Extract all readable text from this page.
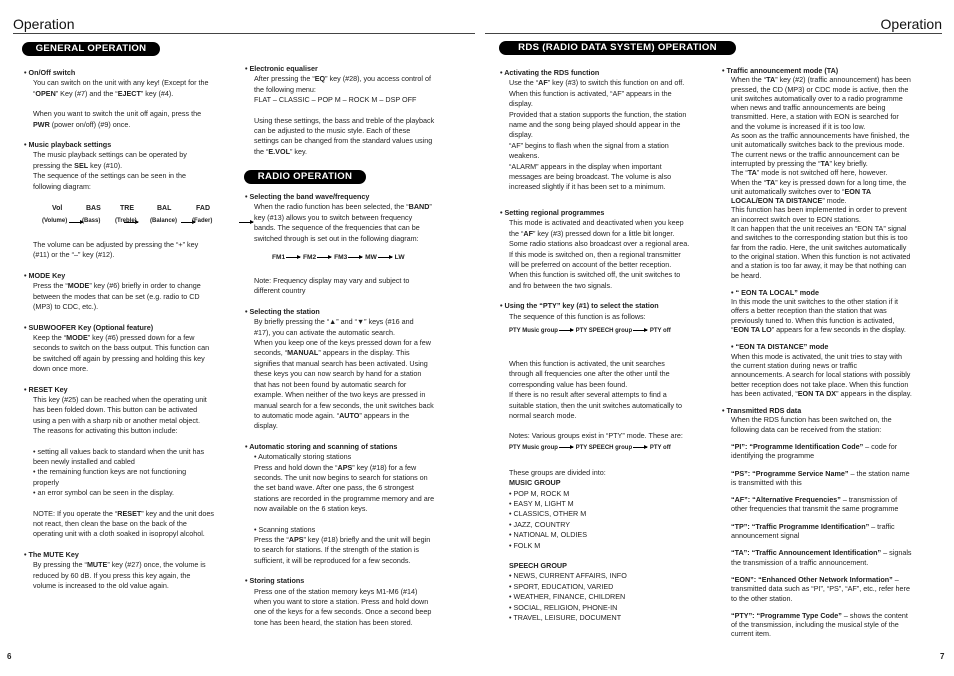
Operation	Operation
GENERAL OPERATION
RADIO OPERATION
RDS (RADIO DATA SYSTEM) OPERATION

• On/Off switch

You can switch on the unit with any key! (Except for the

“OPEN” Key (#7) and the “EJECT” key (#4).

When you want to switch the unit off again, press the

PWR (power on/off) (#9) once.

• Music playback settings

The music playback settings can be operated by

pressing the SEL key (#10).

The sequence of the settings can be seen in the

following diagram:

The volume can be adjusted by pressing the “+” key

(#11) or the “–” key (#12).

• MODE Key

Press the “MODE” key (#6) briefly in order to change

between the modes that can be set (e.g. radio to CD

(MP3) to CDC, etc.).

• SUBWOOFER Key (Optional feature)

Keep the “MODE” key (#6) pressed down for a few

seconds to switch on the bass output. This function can

be switched off again by pressing and holding this key

down once more.

• RESET Key

This key (#25) can be reached when the operating unit

has been folded down. This button can be activated

using a pen with a sharp nib or another metal object.

The reasons for activating this button include:

• setting all values back to standard when the unit has

been newly installed and cabled

• the remaining function keys are not functioning

properly

• an error symbol can be seen in the display.

NOTE: If you operate the “RESET” key and the unit does

not react, then clean the base on the back of the

operating unit with a cloth soaked in isopropyl alcohol.

• The MUTE Key

By pressing the “MUTE” key (#27) once, the volume is

reduced by 60 dB. If you press this key again, the

volume is increased to the old value again.

Vol	BAS	TRE	BAL	FAD

(Volume) (Bass) (Treble) (Balance) (Fader)

• Electronic equaliser

After pressing the “EQ” key (#28), you access control of

the following menu:

FLAT – CLASSIC – POP M – ROCK M – DSP OFF

Using these settings, the bass and treble of the playback

can be adjusted to the music style. Each of these

settings can be changed from the standard values using

the “E.VOL” key.

• Selecting the band wave/frequency

When the radio function has been selected, the “BAND”

key (#13) allows you to switch between frequency

bands. The sequence of the frequencies that can be

switched through is set out in the following diagram:

Note: Frequency display may vary and subject to

different country

• Selecting the station

By briefly pressing the “▲” and “▼” keys (#16 and

#17), you can activate the automatic search.

When you keep one of the keys pressed down for a few

seconds, “MANUAL” appears in the display. This

signifies that manual search has been activated. Using

these keys you can now search by hand for a station

that has not been found by automatic search for

example. When neither of the two keys are pressed in

manual search for a few seconds, the unit switches back

to automatic mode again. “AUTO” appears in the

display.

• Automatic storing and scanning of stations

• Automatically storing stations

Press and hold down the “APS” key (#18) for a few

seconds. The unit now begins to search for stations on

the set band wave. After one pass, the 6 strongest

stations are recorded in the programme memory and are

now available on the 6 station keys.

• Scanning stations

Press the “APS” key (#18) briefly and the unit will begin

to search for stations. If the strength of the station is

sufficient, it will be reproduced for a few seconds.

• Storing stations

Press one of the station memory keys M1-M6 (#14)

when you want to store a station. Press and hold down

one of the keys for a few seconds. Once a second beep

tone has been heard, the station has been stored.

FM1	FM2	FM3	MW	LW

• Activating the RDS function

Use the “AF” key (#3) to switch this function on and off.

When this function is activated, “AF” appears in the

display.

Provided that a station supports the function, the station

name and the song being played should appear in the

display.

“AF” begins to flash when the signal from a station

weakens.

“ALARM” appears in the display when important

messages are being broadcast. The volume is also

increased slightly if it has been set to a minimum.

• Setting regional programmes

This mode is activated and deactivated when you keep

the “AF” key (#3) pressed down for a little bit longer.

Some radio stations also broadcast over a regional area.

If this mode is switched on, then a regional transmitter

will be preferred on account of the better reception.

When this function is switched off, the unit switches to

and fro between the two signals.

• Using the “PTY” key (#1) to select the station

The sequence of this function is as follows:

When this function is activated, the unit searches

through all frequencies one after the other until the

corresponding value has been found.

If there is no result after several attempts to find a

suitable station, then the unit switches automatically to

normal search mode.

Notes: Various groups exist in “PTY” mode. These are:

These groups are divided into:

MUSIC GROUP

• POP M, ROCK M

• EASY M, LIGHT M

• CLASSICS, OTHER M

• JAZZ, COUNTRY

• NATIONAL M, OLDIES

• FOLK M

SPEECH GROUP

• NEWS, CURRENT AFFAIRS, INFO

• SPORT, EDUCATION, VARIED

• WEATHER, FINANCE, CHILDREN

• SOCIAL, RELIGION, PHONE-IN

• TRAVEL, LEISURE, DOCUMENT

PTY Music group	PTY SPEECH group	PTY off
PTY Music group	PTY SPEECH group	PTY off

• Traffic announcement mode (TA)

When the “TA” key (#2) (traffic announcement) has been

pressed, the CD (MP3) or CDC mode is active, then the

unit switches automatically over to a radio programme

when news and traffic announcements are being

transmitted. Here, a station with EON is searched for

and the volume is increased if it is too low.

As soon as the traffic announcements have finished, the

unit automatically switches back to the previous mode.

The current news or the traffic announcement can be

interrupted by pressing the “TA” key briefly.

The “TA” mode is not switched off here, however.

When the “TA” key is pressed down for a long time, the

unit automatically switches over to “EON TA

LOCAL/EON TA DISTANCE” mode.

This function has been implemented in order to prevent

an incorrect switch over to EON stations.

It can happen that the unit receives an “EON TA” signal

and switches to the corresponding station but this is too

far from the radio. Here, the unit switches automatically

to the original station. When this function is not activated

and a station is too far away, it may be that nothing can

be heard.

• “ EON TA LOCAL” mode

In this mode the unit switches to the other station if it

offers a better reception than the station that was

previously tuned to. When this function is activated,

“EON TA LO” appears for a few seconds in the display.

• “EON TA DISTANCE” mode

When this mode is activated, the unit tries to stay with

the current station during news or traffic

announcements. A search for local stations with possibly

better reception does not take place. When this function

has been activated, “EON TA DX” appears in the display.

• Transmitted RDS data

When the RDS function has been switched on, the

following data can be received from the station:

“PI”: “Programme Identification Code” – code for

identifying the programme

“PS”: “Programme Service Name” – the station name

is transmitted with this

“AF”: “Alternative Frequencies” – transmission of

other frequencies that transmit the same programme

“TP”: “Traffic Programme Identification” – traffic

announcement signal

“TA”: “Traffic Announcement Identification” – signals

the transmission of a traffic announcement.

“EON”: “Enhanced Other Network Information” –

transmitted data such as “PI”, “PS”, “AF”, etc., refer here

to the other station.

“PTY”: “Programme Type Code” – shows the content

of the transmission, including the musical style of the

current item.

6	7
